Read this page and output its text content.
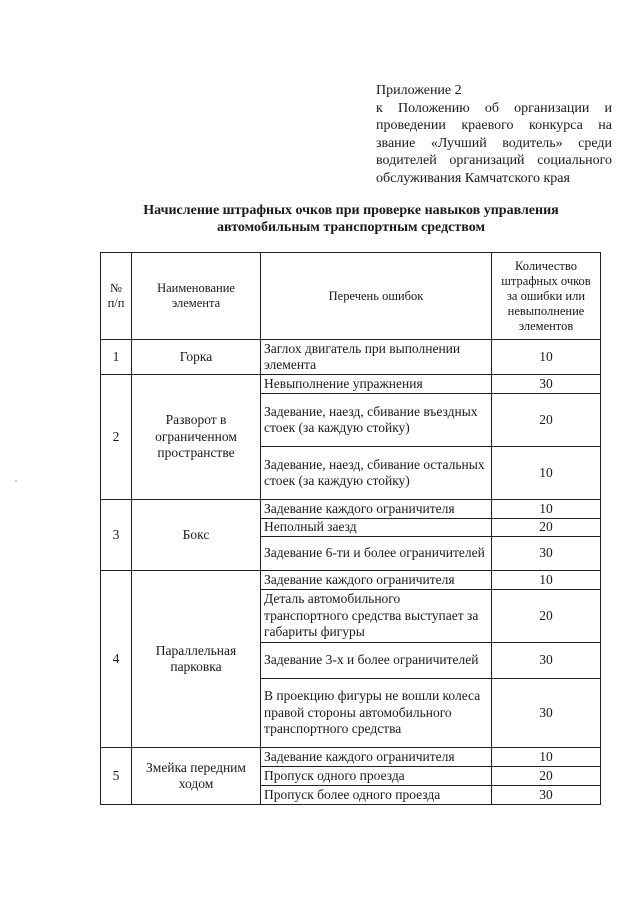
Приложение 2
к Положению об организации и проведении краевого конкурса на звание «Лучший водитель» среди водителей организаций социального обслуживания Камчатского края
Начисление штрафных очков при проверке навыков управления
автомобильным транспортным средством
№ п/п	Наименование элемента	Перечень ошибок	Количество штрафных очков за ошибки или невыполнение элементов
1	Горка	Заглох двигатель при выполнении элемента	10
2	Разворот в ограниченном пространстве	Невыполнение упражнения	30
		Задевание, наезд, сбивание въездных стоек (за каждую стойку)	20
		Задевание, наезд, сбивание остальных стоек (за каждую стойку)	10
3	Бокс	Задевание каждого ограничителя	10
		Неполный заезд	20
		Задевание 6-ти и более ограничителей	30
4	Параллельная парковка	Задевание каждого ограничителя	10
		Деталь автомобильного транспортного средства выступает за габариты фигуры	20
		Задевание 3-х и более ограничителей	30
		В проекцию фигуры не вошли колеса правой стороны автомобильного транспортного средства	30
5	Змейка передним ходом	Задевание каждого ограничителя	10
		Пропуск одного проезда	20
		Пропуск более одного проезда	30
